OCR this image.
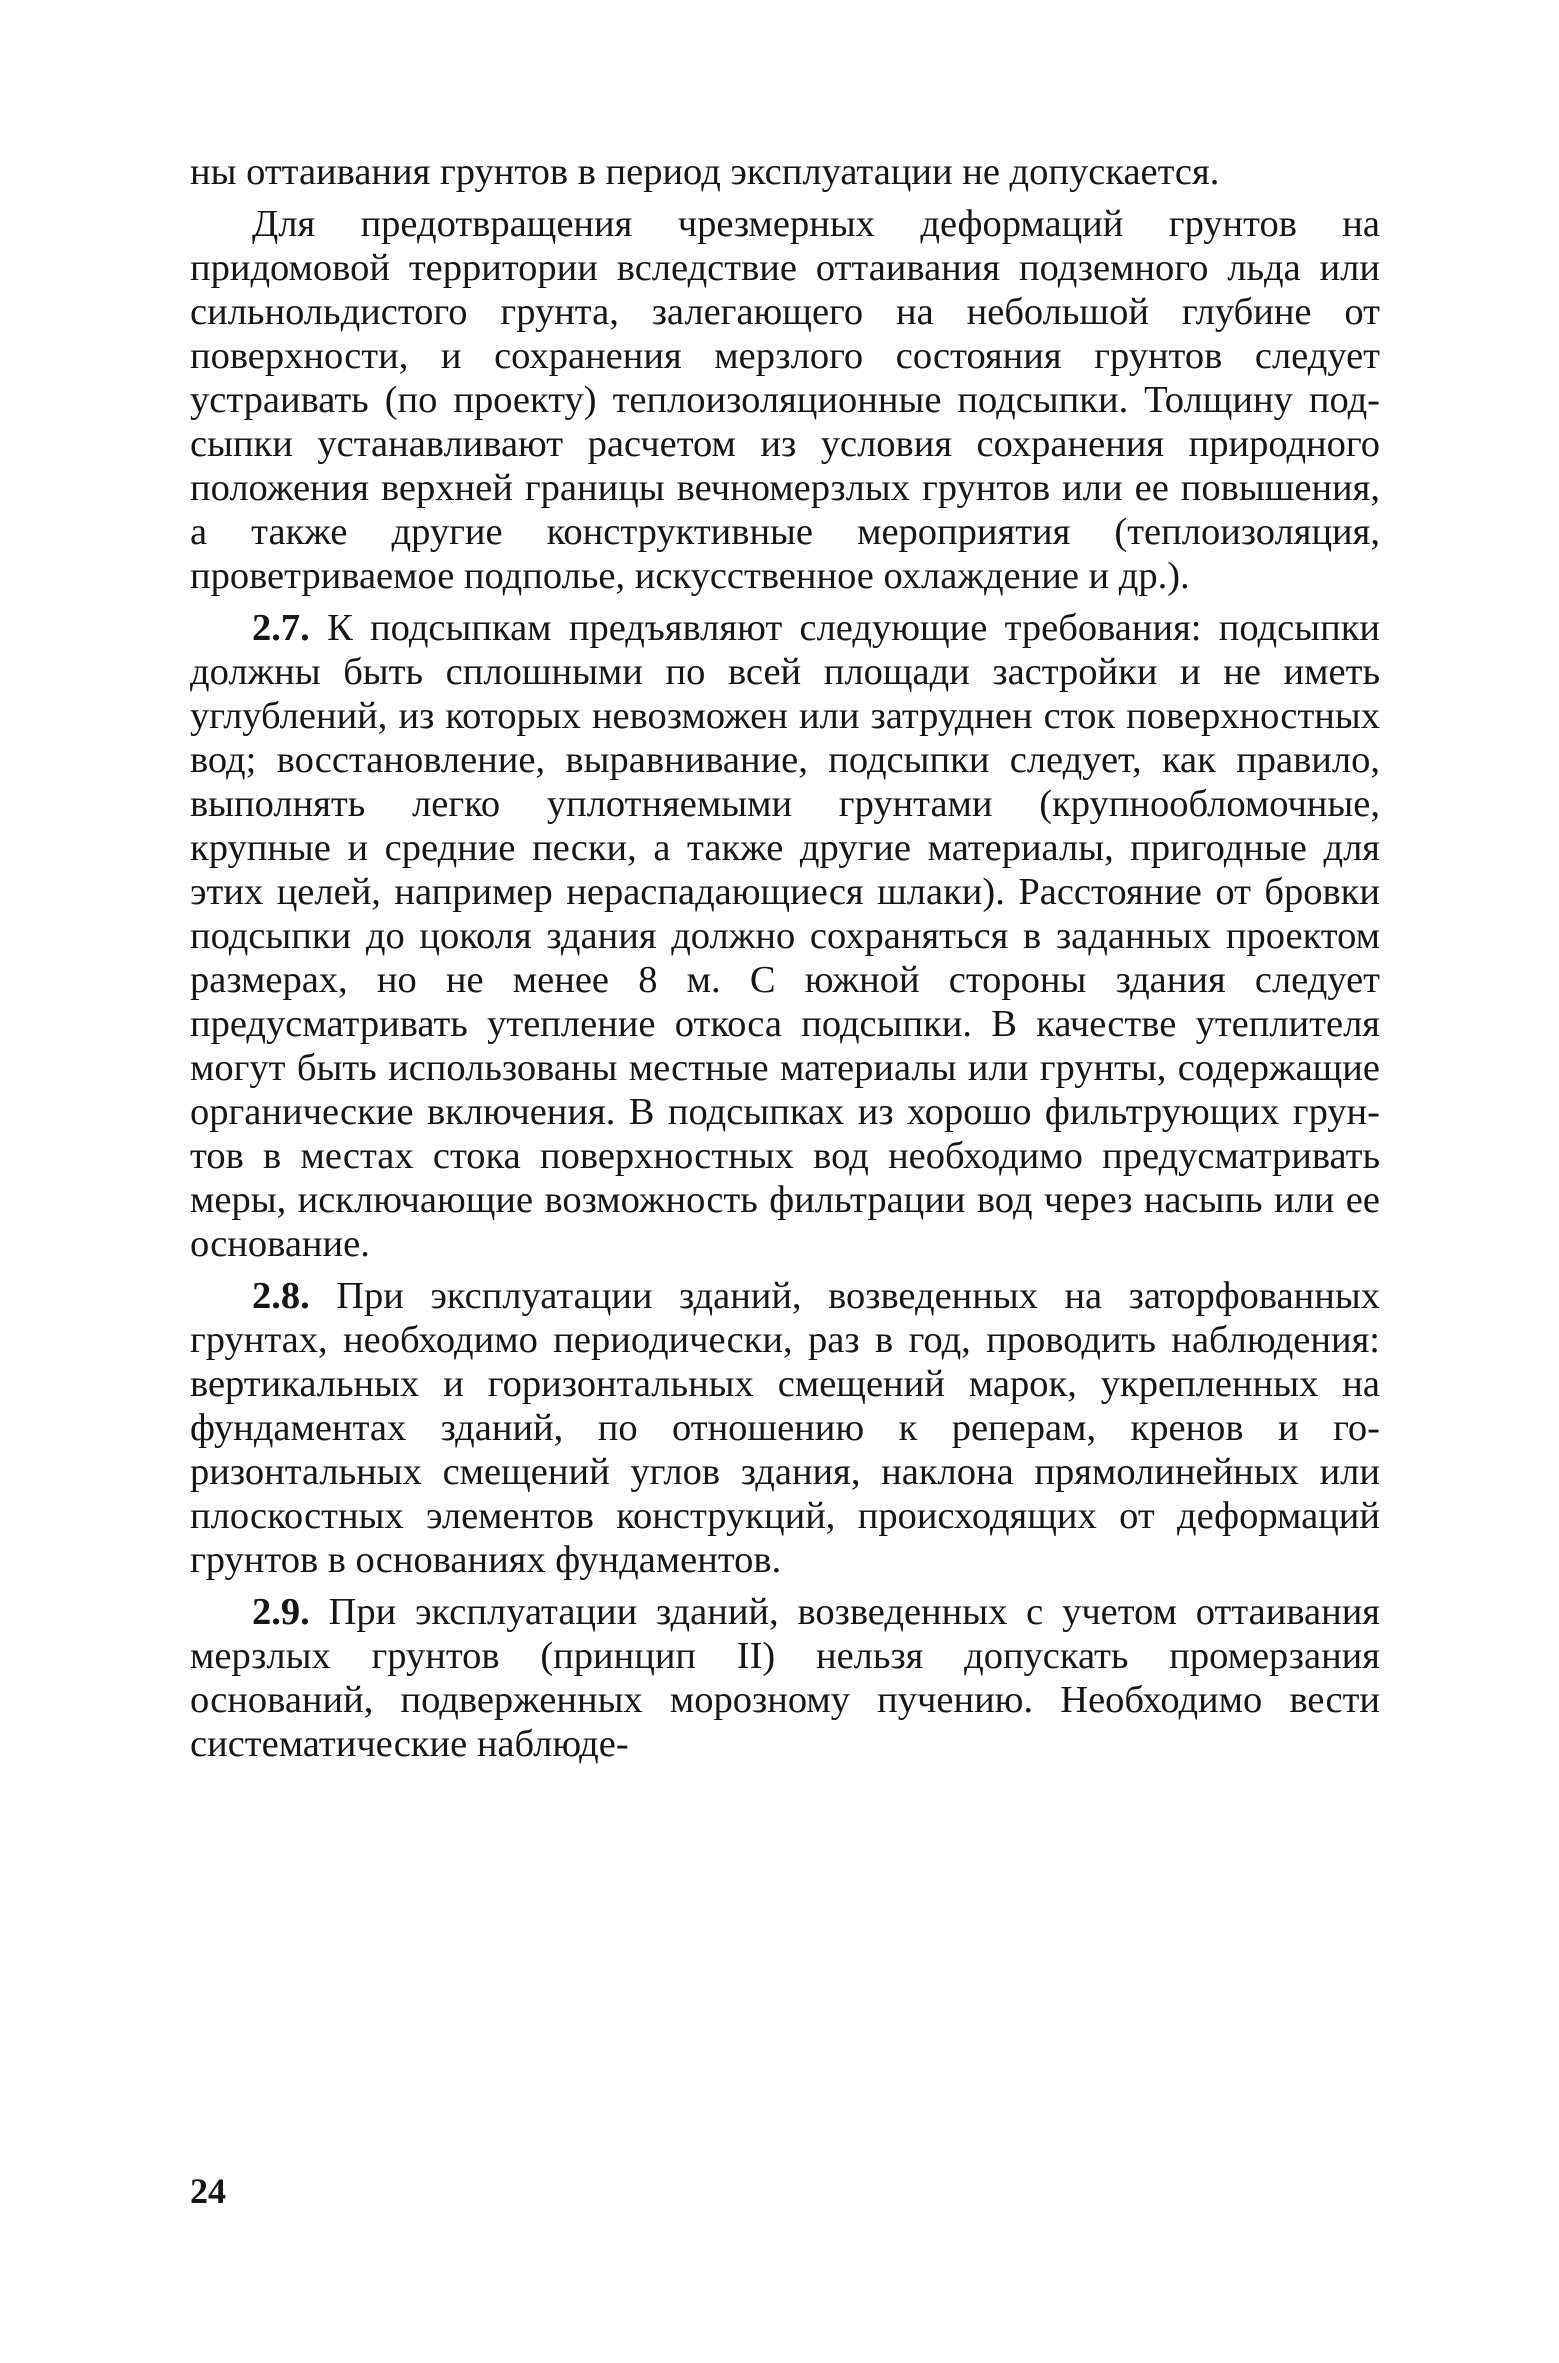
ны оттаивания грунтов в период эксплуатации не допускается.

Для предотвращения чрезмерных деформаций грунтов на придомовой территории вследствие оттаивания подземного льда или сильнольдистого грунта, залегающего на небольшой глубине от поверхности, и сохранения мерзлого состояния грунтов следует устраивать (по проекту) теплоизоляционные подсыпки. Толщину подсыпки устанавливают расчетом из условия сохранения природного положения верхней границы вечномерзлых грунтов или ее повышения, а также другие конструктивные мероприятия (теплоизоляция, проветриваемое подполье, искусственное охлаждение и др.).

2.7. К подсыпкам предъявляют следующие требования: подсыпки должны быть сплошными по всей площади застройки и не иметь углублений, из которых невозможен или затруднен сток поверхностных вод; восстановление, выравнивание, подсыпки следует, как правило, выполнять легко уплотняемыми грунтами (крупнообломочные, крупные и средние пески, а также другие материалы, пригодные для этих целей, например нераспадающиеся шлаки). Расстояние от бровки подсыпки до цоколя здания должно сохраняться в заданных проектом размерах, но не менее 8 м. С южной стороны здания следует предусматривать утепление откоса подсыпки. В качестве утеплителя могут быть использованы местные материалы или грунты, содержащие органические включения. В подсыпках из хорошо фильтрующих грунтов в местах стока поверхностных вод необходимо предусматривать меры, исключающие возможность фильтрации вод через насыпь или ее основание.

2.8. При эксплуатации зданий, возведенных на заторфованных грунтах, необходимо периодически, раз в год, проводить наблюдения: вертикальных и горизонтальных смещений марок, укрепленных на фундаментах зданий, по отношению к реперам, кренов и горизонтальных смещений углов здания, наклона прямолинейных или плоскостных элементов конструкций, происходящих от деформаций грунтов в основаниях фундаментов.

2.9. При эксплуатации зданий, возведенных с учетом оттаивания мерзлых грунтов (принцип II) нельзя допускать промерзания оснований, подверженных морозному пучению. Необходимо вести систематические наблюде-

24
